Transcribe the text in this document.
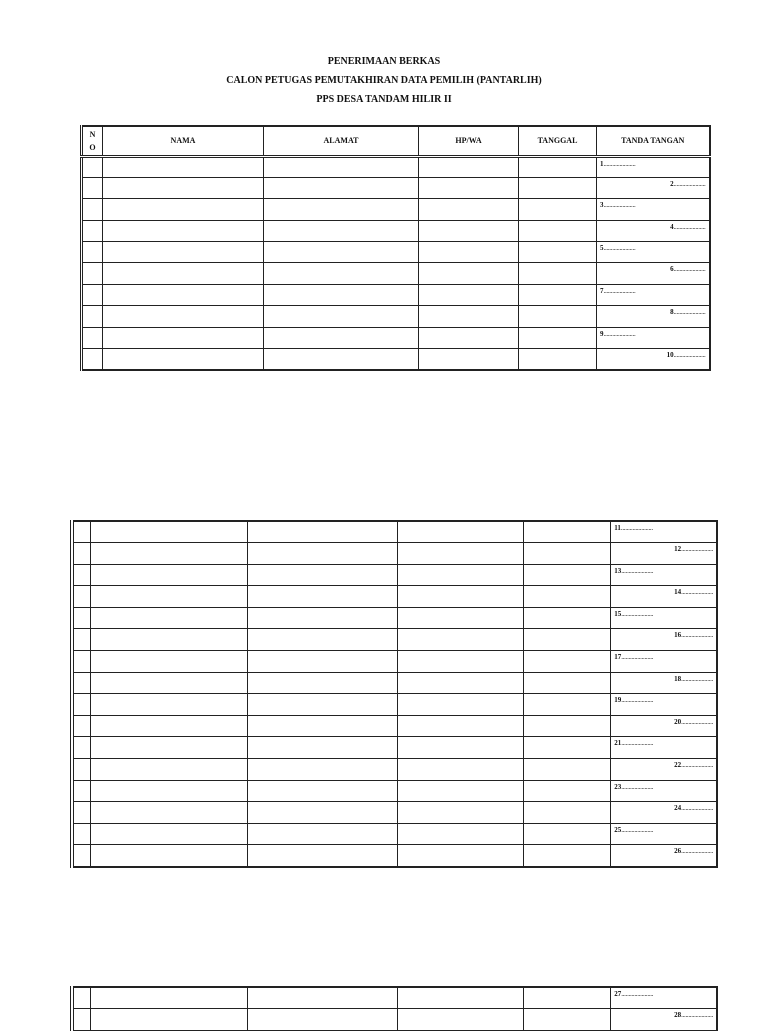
PENERIMAAN BERKAS
CALON PETUGAS PEMUTAKHIRAN DATA PEMILIH (PANTARLIH)
PPS DESA TANDAM HILIR II
N
O	NAMA	ALAMAT	HP/WA	TANGGAL	TANDA TANGAN

					1......................

					2......................

					3......................

					4......................

					5......................

					6......................

					7......................

					8......................

					9......................

					10......................

					11......................

					12......................

					13......................

					14......................

					15......................

					16......................

					17......................

					18......................

					19......................

					20......................

					21......................

					22......................

					23......................

					24......................

					25......................

					26......................

					27......................

					28......................
